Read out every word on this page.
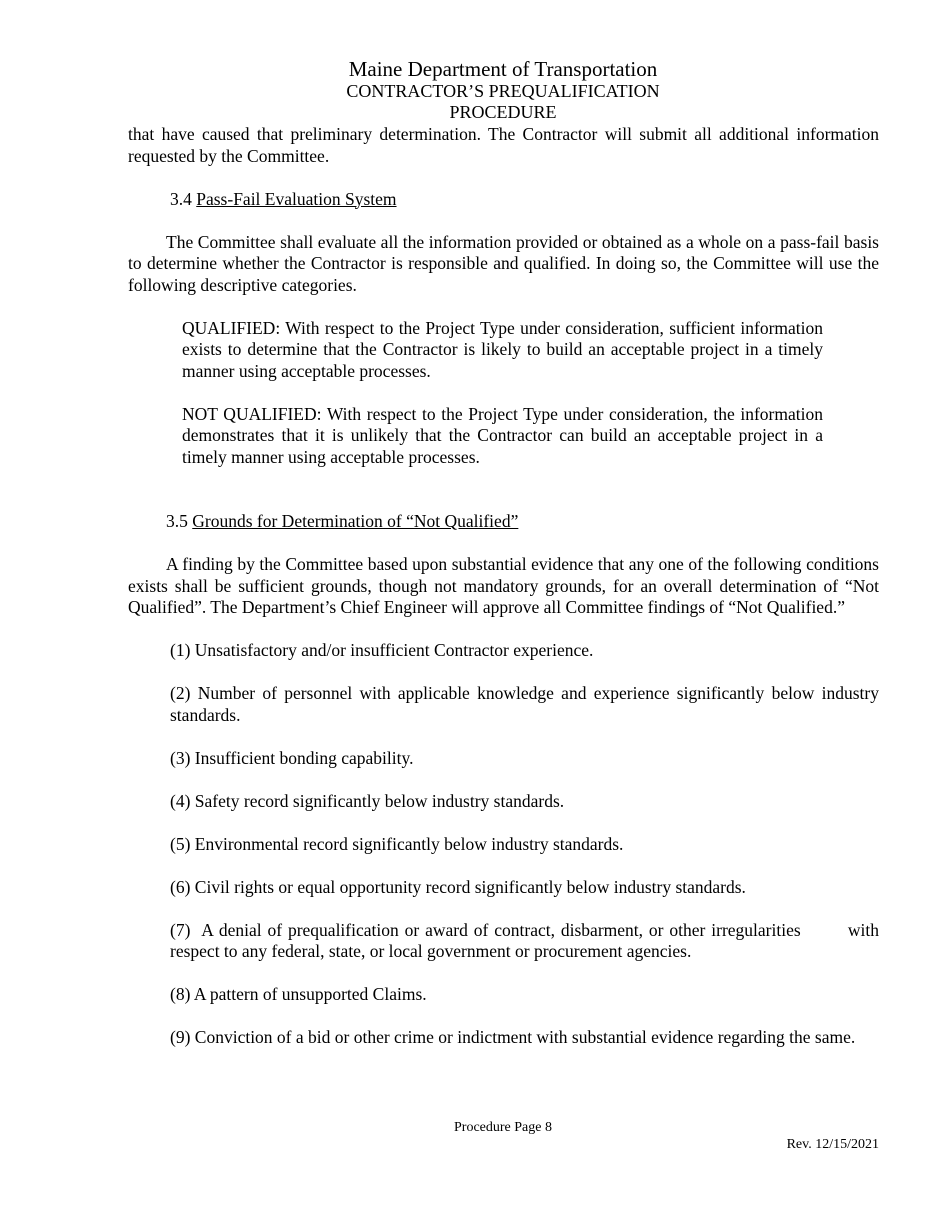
Maine Department of Transportation
CONTRACTOR’S PREQUALIFICATION
PROCEDURE

that have caused that preliminary determination. The Contractor will submit all additional information requested by the Committee.

3.4 Pass-Fail Evaluation System

The Committee shall evaluate all the information provided or obtained as a whole on a pass-fail basis to determine whether the Contractor is responsible and qualified. In doing so, the Committee will use the following descriptive categories.

QUALIFIED: With respect to the Project Type under consideration, sufficient information exists to determine that the Contractor is likely to build an acceptable project in a timely manner using acceptable processes.

NOT QUALIFIED: With respect to the Project Type under consideration, the information demonstrates that it is unlikely that the Contractor can build an acceptable project in a timely manner using acceptable processes.

3.5 Grounds for Determination of “Not Qualified”

A finding by the Committee based upon substantial evidence that any one of the following conditions exists shall be sufficient grounds, though not mandatory grounds, for an overall determination of “Not Qualified”. The Department’s Chief Engineer will approve all Committee findings of “Not Qualified.”

(1) Unsatisfactory and/or insufficient Contractor experience.

(2) Number of personnel with applicable knowledge and experience significantly below industry standards.

(3) Insufficient bonding capability.

(4) Safety record significantly below industry standards.

(5) Environmental record significantly below industry standards.

(6) Civil rights or equal opportunity record significantly below industry standards.

(7)  A denial of prequalification or award of contract, disbarment, or other irregularities        with respect to any federal, state, or local government or procurement agencies.

(8) A pattern of unsupported Claims.

(9) Conviction of a bid or other crime or indictment with substantial evidence regarding the same.

Procedure Page 8
Rev. 12/15/2021
